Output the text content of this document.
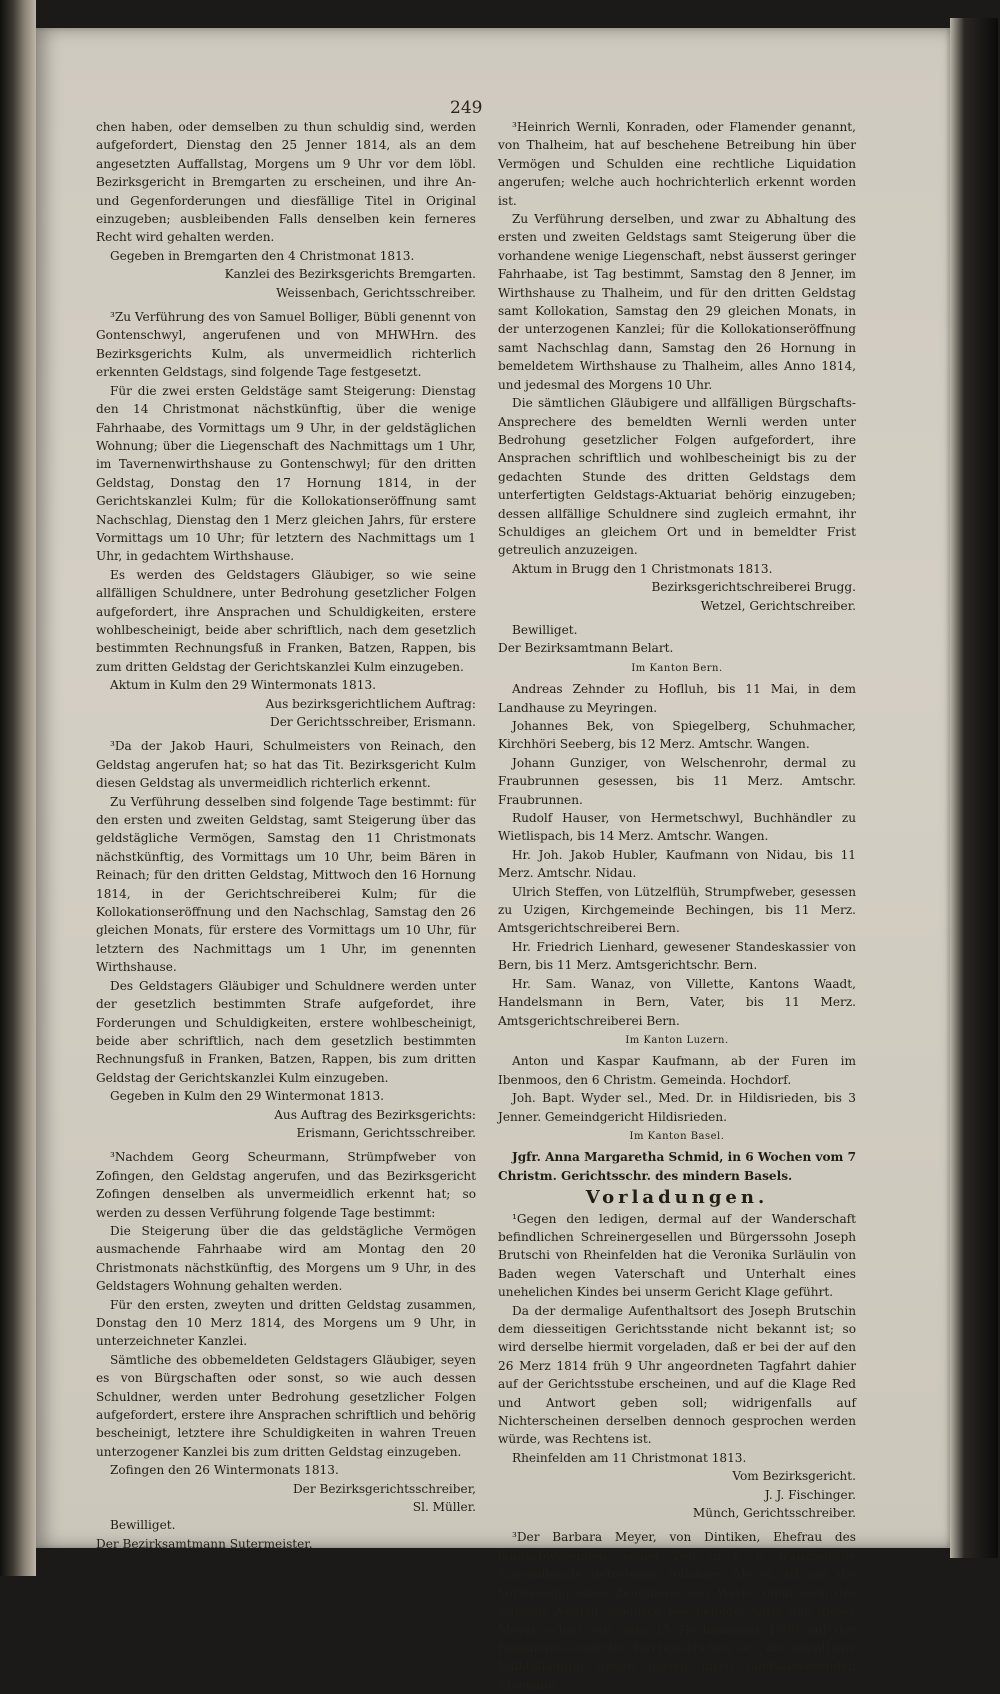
249

chen haben, oder demselben zu thun schuldig sind, werden aufgefordert, Dienstag den 25 Jenner 1814, als an dem angesetzten Auffallstag, Morgens um 9 Uhr vor dem löbl. Bezirksgericht in Bremgarten zu erscheinen, und ihre An- und Gegenforderungen und diesfällige Titel in Original einzugeben; ausbleibenden Falls denselben kein ferneres Recht wird gehalten werden.

Gegeben in Bremgarten den 4 Christmonat 1813.

Kanzlei des Bezirksgerichts Bremgarten.

Weissenbach, Gerichtsschreiber.

³Zu Verführung des von Samuel Bolliger, Bübli genennt von Gontenschwyl, angerufenen und von MHWHrn. des Bezirksgerichts Kulm, als unvermeidlich richterlich erkennten Geldstags, sind folgende Tage festgesetzt.

Für die zwei ersten Geldstäge samt Steigerung: Dienstag den 14 Christmonat nächstkünftig, über die wenige Fahrhaabe, des Vormittags um 9 Uhr, in der geldstäglichen Wohnung; über die Liegenschaft des Nachmittags um 1 Uhr, im Tavernenwirthshause zu Gontenschwyl; für den dritten Geldstag, Donstag den 17 Hornung 1814, in der Gerichtskanzlei Kulm; für die Kollokationseröffnung samt Nachschlag, Dienstag den 1 Merz gleichen Jahrs, für erstere Vormittags um 10 Uhr; für letztern des Nachmittags um 1 Uhr, in gedachtem Wirthshause.

Es werden des Geldstagers Gläubiger, so wie seine allfälligen Schuldnere, unter Bedrohung gesetzlicher Folgen aufgefordert, ihre Ansprachen und Schuldigkeiten, erstere wohlbescheinigt, beide aber schriftlich, nach dem gesetzlich bestimmten Rechnungsfuß in Franken, Batzen, Rappen, bis zum dritten Geldstag der Gerichtskanzlei Kulm einzugeben.

Aktum in Kulm den 29 Wintermonats 1813.

Aus bezirksgerichtlichem Auftrag:

Der Gerichtsschreiber, Erismann.

³Da der Jakob Hauri, Schulmeisters von Reinach, den Geldstag angerufen hat; so hat das Tit. Bezirksgericht Kulm diesen Geldstag als unvermeidlich richterlich erkennt.

Zu Verführung desselben sind folgende Tage bestimmt: für den ersten und zweiten Geldstag, samt Steigerung über das geldstägliche Vermögen, Samstag den 11 Christmonats nächstkünftig, des Vormittags um 10 Uhr, beim Bären in Reinach; für den dritten Geldstag, Mittwoch den 16 Hornung 1814, in der Gerichtschreiberei Kulm; für die Kollokationseröffnung und den Nachschlag, Samstag den 26 gleichen Monats, für erstere des Vormittags um 10 Uhr, für letztern des Nachmittags um 1 Uhr, im genennten Wirthshause.

Des Geldstagers Gläubiger und Schuldnere werden unter der gesetzlich bestimmten Strafe aufgefordet, ihre Forderungen und Schuldigkeiten, erstere wohlbescheinigt, beide aber schriftlich, nach dem gesetzlich bestimmten Rechnungsfuß in Franken, Batzen, Rappen, bis zum dritten Geldstag der Gerichtskanzlei Kulm einzugeben.

Gegeben in Kulm den 29 Wintermonat 1813.

Aus Auftrag des Bezirksgerichts:

Erismann, Gerichtsschreiber.

³Nachdem Georg Scheurmann, Strümpfweber von Zofingen, den Geldstag angerufen, und das Bezirksgericht Zofingen denselben als unvermeidlich erkennt hat; so werden zu dessen Verführung folgende Tage bestimmt:

Die Steigerung über die das geldstägliche Vermögen ausmachende Fahrhaabe wird am Montag den 20 Christmonats nächstkünftig, des Morgens um 9 Uhr, in des Geldstagers Wohnung gehalten werden.

Für den ersten, zweyten und dritten Geldstag zusammen, Donstag den 10 Merz 1814, des Morgens um 9 Uhr, in unterzeichneter Kanzlei.

Sämtliche des obbemeldeten Geldstagers Gläubiger, seyen es von Bürgschaften oder sonst, so wie auch dessen Schuldner, werden unter Bedrohung gesetzlicher Folgen aufgefordert, erstere ihre Ansprachen schriftlich und behörig bescheinigt, letztere ihre Schuldigkeiten in wahren Treuen unterzogener Kanzlei bis zum dritten Geldstag einzugeben.

Zofingen den 26 Wintermonats 1813.

Der Bezirksgerichtsschreiber,

Sl. Müller.

Bewilliget.

Der Bezirksamtmann Sutermeister.

³Heinrich Wernli, Konraden, oder Flamender genannt, von Thalheim, hat auf beschehene Betreibung hin über Vermögen und Schulden eine rechtliche Liquidation angerufen; welche auch hochrichterlich erkennt worden ist.

Zu Verführung derselben, und zwar zu Abhaltung des ersten und zweiten Geldstags samt Steigerung über die vorhandene wenige Liegenschaft, nebst äusserst geringer Fahrhaabe, ist Tag bestimmt, Samstag den 8 Jenner, im Wirthshause zu Thalheim, und für den dritten Geldstag samt Kollokation, Samstag den 29 gleichen Monats, in der unterzogenen Kanzlei; für die Kollokationseröffnung samt Nachschlag dann, Samstag den 26 Hornung in bemeldetem Wirthshause zu Thalheim, alles Anno 1814, und jedesmal des Morgens 10 Uhr.

Die sämtlichen Gläubigere und allfälligen Bürgschafts-Ansprechere des bemeldten Wernli werden unter Bedrohung gesetzlicher Folgen aufgefordert, ihre Ansprachen schriftlich und wohlbescheinigt bis zu der gedachten Stunde des dritten Geldstags dem unterfertigten Geldstags-Aktuariat behörig einzugeben; dessen allfällige Schuldnere sind zugleich ermahnt, ihr Schuldiges an gleichem Ort und in bemeldter Frist getreulich anzuzeigen.

Aktum in Brugg den 1 Christmonats 1813.

Bezirksgerichtschreiberei Brugg.

Wetzel, Gerichtschreiber.

Bewilliget.

Der Bezirksamtmann Belart.

Im Kanton Bern.

Andreas Zehnder zu Hoflluh, bis 11 Mai, in dem Landhause zu Meyringen.

Johannes Bek, von Spiegelberg, Schuhmacher, Kirchhöri Seeberg, bis 12 Merz. Amtschr. Wangen.

Johann Gunziger, von Welschenrohr, dermal zu Fraubrunnen gesessen, bis 11 Merz. Amtschr. Fraubrunnen.

Rudolf Hauser, von Hermetschwyl, Buchhändler zu Wietlispach, bis 14 Merz. Amtschr. Wangen.

Hr. Joh. Jakob Hubler, Kaufmann von Nidau, bis 11 Merz. Amtschr. Nidau.

Ulrich Steffen, von Lützelflüh, Strumpfweber, gesessen zu Uzigen, Kirchgemeinde Bechingen, bis 11 Merz. Amtsgerichtschreiberei Bern.

Hr. Friedrich Lienhard, gewesener Standeskassier von Bern, bis 11 Merz. Amtsgerichtschr. Bern.

Hr. Sam. Wanaz, von Villette, Kantons Waadt, Handelsmann in Bern, Vater, bis 11 Merz. Amtsgerichtschreiberei Bern.

Im Kanton Luzern.

Anton und Kaspar Kaufmann, ab der Furen im Ibenmoos, den 6 Christm. Gemeinda. Hochdorf.

Joh. Bapt. Wyder sel., Med. Dr. in Hildisrieden, bis 3 Jenner. Gemeindgericht Hildisrieden.

Im Kanton Basel.

Jgfr. Anna Margaretha Schmid, in 6 Wochen vom 7 Christm. Gerichtsschr. des mindern Basels.

Vorladungen.

¹Gegen den ledigen, dermal auf der Wanderschaft befindlichen Schreinergesellen und Bürgerssohn Joseph Brutschi von Rheinfelden hat die Veronika Surläulin von Baden wegen Vaterschaft und Unterhalt eines unehelichen Kindes bei unserm Gericht Klage geführt.

Da der dermalige Aufenthaltsort des Joseph Brutschin dem diesseitigen Gerichtsstande nicht bekannt ist; so wird derselbe hiermit vorgeladen, daß er bei der auf den 26 Merz 1814 früh 9 Uhr angeordneten Tagfahrt dahier auf der Gerichtsstube erscheinen, und auf die Klage Red und Antwort geben soll; widrigenfalls auf Nichterscheinen derselben dennoch gesprochen werden würde, was Rechtens ist.

Rheinfelden am 11 Christmonat 1813.

Vom Bezirksgericht.

J. J. Fischinger.

Münch, Gerichtsschreiber.

³Der Barbara Meyer, von Dintiken, Ehefrau des landsabwesenden, seiner Zeit in k. k. französische Kriegsdienste getretenen Johannes Meyer, ist auf die Vorweisung eines Zeugnisses der Werb-Commission des Kantons Aargau, wodurch bescheiniget wird, daß dieser Meyer schon seit dem 15 Herbstmonat 1809 auf der Regiments-Controlle durchgestrichen sey, die öffentliche Ediktalladung gegen diesen ihren landsabwesenden Ehemann
